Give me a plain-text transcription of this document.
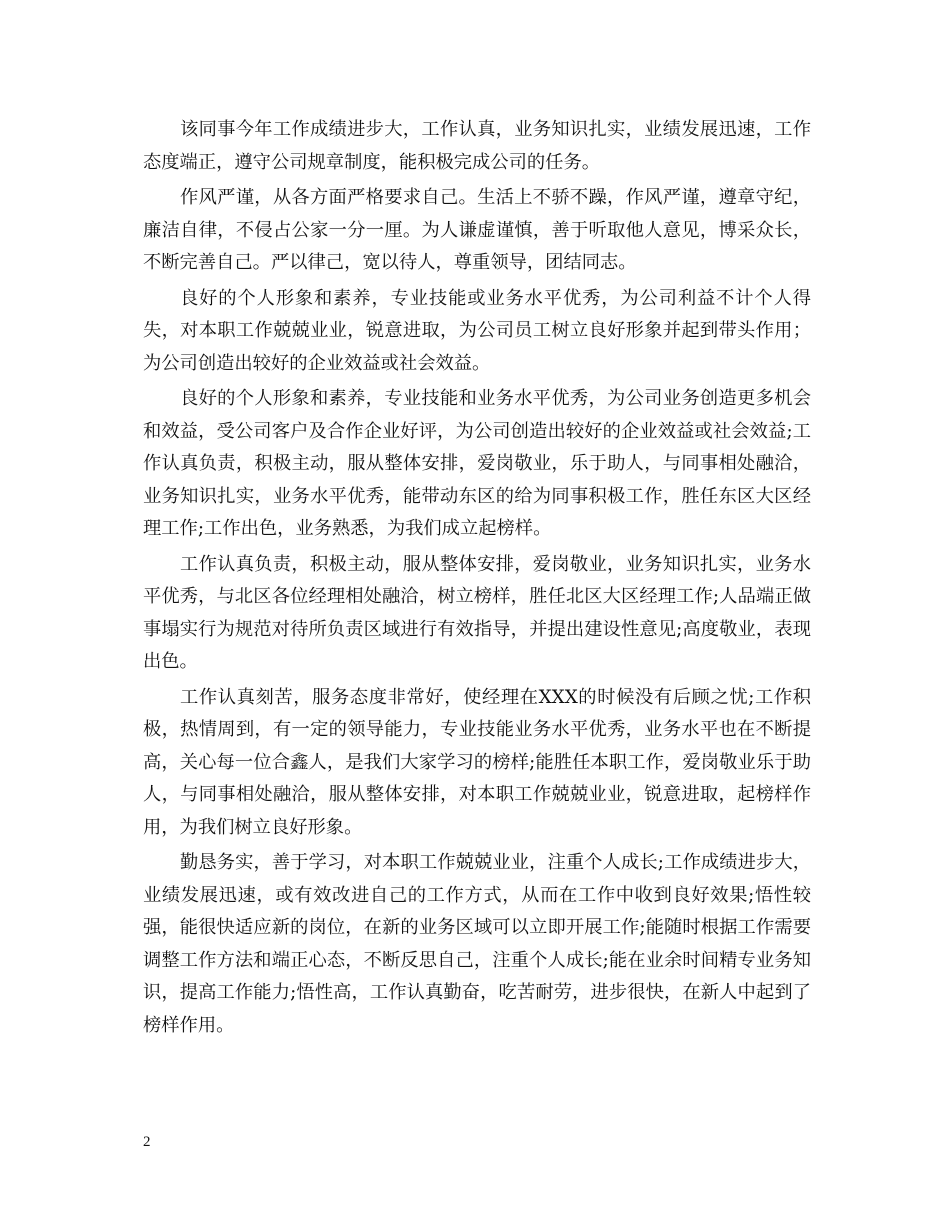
该同事今年工作成绩进步大，工作认真，业务知识扎实，业绩发展迅速，工作态度端正，遵守公司规章制度，能积极完成公司的任务。

作风严谨，从各方面严格要求自己。生活上不骄不躁，作风严谨，遵章守纪，廉洁自律，不侵占公家一分一厘。为人谦虚谨慎，善于听取他人意见，博采众长，不断完善自己。严以律己，宽以待人，尊重领导，团结同志。

良好的个人形象和素养，专业技能或业务水平优秀，为公司利益不计个人得失，对本职工作兢兢业业，锐意进取，为公司员工树立良好形象并起到带头作用；为公司创造出较好的企业效益或社会效益。

良好的个人形象和素养，专业技能和业务水平优秀，为公司业务创造更多机会和效益，受公司客户及合作企业好评，为公司创造出较好的企业效益或社会效益;工作认真负责，积极主动，服从整体安排，爱岗敬业，乐于助人，与同事相处融洽，业务知识扎实，业务水平优秀，能带动东区的给为同事积极工作，胜任东区大区经理工作;工作出色，业务熟悉，为我们成立起榜样。

工作认真负责，积极主动，服从整体安排，爱岗敬业，业务知识扎实，业务水平优秀，与北区各位经理相处融洽，树立榜样，胜任北区大区经理工作;人品端正做事塌实行为规范对待所负责区域进行有效指导，并提出建设性意见;高度敬业，表现出色。

工作认真刻苦，服务态度非常好，使经理在XXX的时候没有后顾之忧;工作积极，热情周到，有一定的领导能力，专业技能业务水平优秀，业务水平也在不断提高，关心每一位合鑫人，是我们大家学习的榜样;能胜任本职工作，爱岗敬业乐于助人，与同事相处融洽，服从整体安排，对本职工作兢兢业业，锐意进取，起榜样作用，为我们树立良好形象。

勤恳务实，善于学习，对本职工作兢兢业业，注重个人成长;工作成绩进步大，业绩发展迅速，或有效改进自己的工作方式，从而在工作中收到良好效果;悟性较强，能很快适应新的岗位，在新的业务区域可以立即开展工作;能随时根据工作需要调整工作方法和端正心态，不断反思自己，注重个人成长;能在业余时间精专业务知识，提高工作能力;悟性高，工作认真勤奋，吃苦耐劳，进步很快，在新人中起到了榜样作用。

2
